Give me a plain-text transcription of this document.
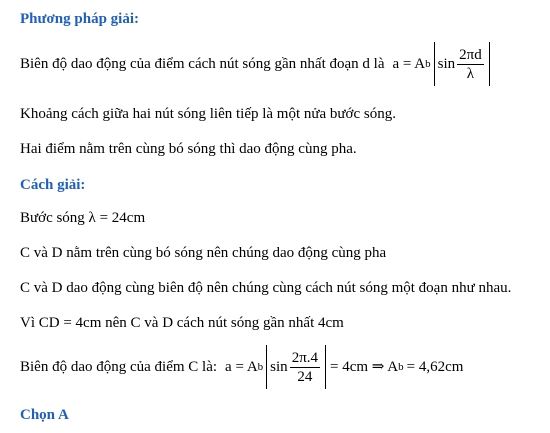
Phương pháp giải:
Biên độ dao động của điểm cách nút sóng gần nhất đoạn d là a = A b $\sin \frac{2\pi d}{\lambda}$
Khoảng cách giữa hai nút sóng liên tiếp là một nửa bước sóng.
Hai điểm nằm trên cùng bó sóng thì dao động cùng pha.
Cách giải:
Bước sóng λ = 24cm
C và D nằm trên cùng bó sóng nên chúng dao động cùng pha
C và D dao động cùng biên độ nên chúng cùng cách nút sóng một đoạn như nhau.
Vì CD = 4cm nên C và D cách nút sóng gần nhất 4cm
Biên độ dao động của điểm C là: a = A b $\sin \frac{2\pi.4}{24} = 4cm$ ⇒ A b = 4,62cm
Chọn A
